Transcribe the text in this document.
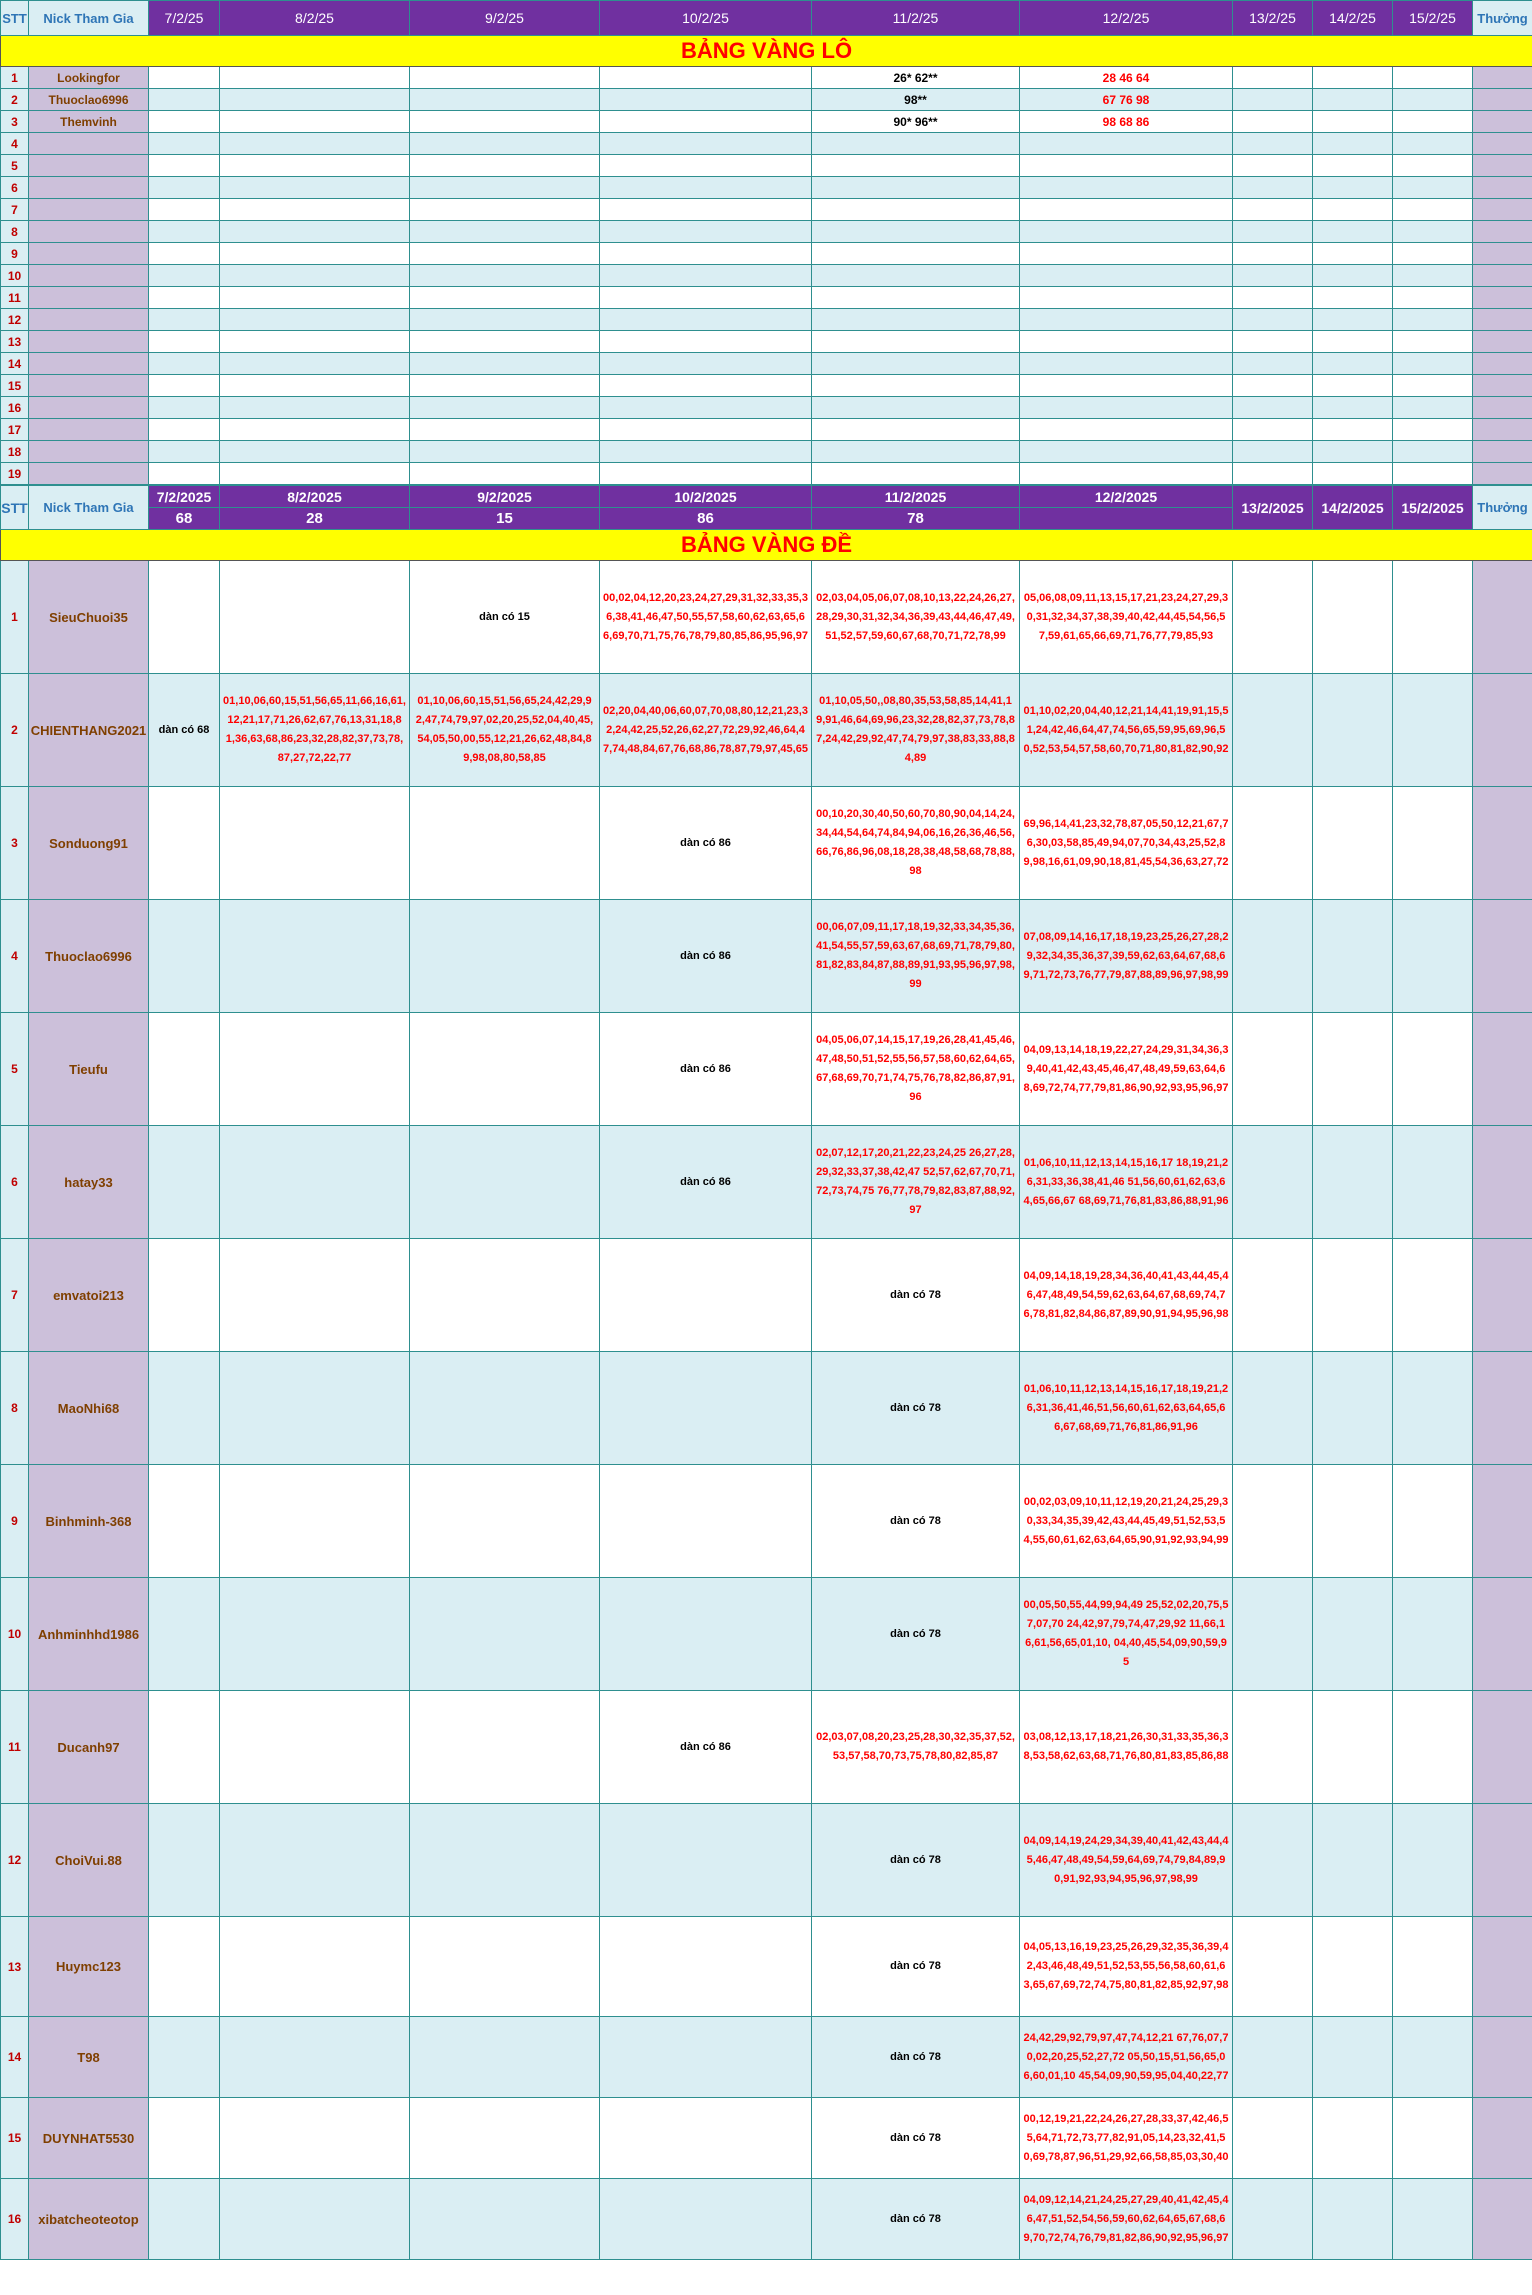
BẢNG VÀNG LÔ											
STT	Nick Tham Gia	7/2/25	8/2/25	9/2/25	10/2/25	11/2/25	12/2/25	13/2/25	14/2/25	15/2/25	Thưởng
1	Lookingfor					26* 62**	28 46 64				
2	Thuoclao6996					98**	67 76 98				
3	Themvinh					90* 96**	98 68 86				
4											
5											
6											
7											
8											
9											
10											
11											
12											
13											
14											
15											
16											
17											
18											
19											
BẢNG VÀNG ĐỀ											
STT	Nick Tham Gia	7/2/2025	8/2/2025	9/2/2025	10/2/2025	11/2/2025	12/2/2025	13/2/2025	14/2/2025	15/2/2025	Thưởng
		68	28	15	86	78					
1	SieuChuoi35			dàn có 15	00,02,04,12,20,23,24,27,29,31,32,33,35,36,38,41,46,47,50,55,57,58,60,62,63,65,66,69,70,71,75,76,78,79,80,85,86,95,96,97	02,03,04,05,06,07,08,10,13,22,24,26,27,28,29,30,31,32,34,36,39,43,44,46,47,49,51,52,57,59,60,67,68,70,71,72,78,99	05,06,08,09,11,13,15,17,21,23,24,27,29,30,31,32,34,37,38,39,40,42,44,45,54,56,57,59,61,65,66,69,71,76,77,79,85,93				
2	CHIENTHANG2021	dàn có 68	01,10,06,60,15,51,56,65,11,66,16,61,12,21,17,71,26,62,67,76,13,31,18,81,36,63,68,86,23,32,28,82,37,73,78,87,27,72,22,77	01,10,06,60,15,51,56,65,24,42,29,92,47,74,79,97,02,20,25,52,04,40,45,54,05,50,00,55,12,21,26,62,48,84,89,98,08,80,58,85	02,20,04,40,06,60,07,70,08,80,12,21,23,32,24,42,25,52,26,62,27,72,29,92,46,64,47,74,48,84,67,76,68,86,78,87,79,97,45,65	01,10,05,50,,08,80,35,53,58,85,14,41,19,91,46,64,69,96,23,32,28,82,37,73,78,87,24,42,29,92,47,74,79,97,38,83,33,88,84,89	01,10,02,20,04,40,12,21,14,41,19,91,15,51,24,42,46,64,47,74,56,65,59,95,69,96,50,52,53,54,57,58,60,70,71,80,81,82,90,92				
3	Sonduong91				dàn có 86	00,10,20,30,40,50,60,70,80,90,04,14,24,34,44,54,64,74,84,94,06,16,26,36,46,56,66,76,86,96,08,18,28,38,48,58,68,78,88,98	69,96,14,41,23,32,78,87,05,50,12,21,67,76,30,03,58,85,49,94,07,70,34,43,25,52,89,98,16,61,09,90,18,81,45,54,36,63,27,72				
4	Thuoclao6996				dàn có 86	00,06,07,09,11,17,18,19,32,33,34,35,36,41,54,55,57,59,63,67,68,69,71,78,79,80,81,82,83,84,87,88,89,91,93,95,96,97,98,99	07,08,09,14,16,17,18,19,23,25,26,27,28,29,32,34,35,36,37,39,59,62,63,64,67,68,69,71,72,73,76,77,79,87,88,89,96,97,98,99				
5	Tieufu				dàn có 86	04,05,06,07,14,15,17,19,26,28,41,45,46,47,48,50,51,52,55,56,57,58,60,62,64,65,67,68,69,70,71,74,75,76,78,82,86,87,91,96	04,09,13,14,18,19,22,27,24,29,31,34,36,39,40,41,42,43,45,46,47,48,49,59,63,64,68,69,72,74,77,79,81,86,90,92,93,95,96,97				
6	hatay33				dàn có 86	02,07,12,17,20,21,22,23,24,25 26,27,28,29,32,33,37,38,42,47 52,57,62,67,70,71,72,73,74,75 76,77,78,79,82,83,87,88,92,97	01,06,10,11,12,13,14,15,16,17 18,19,21,26,31,33,36,38,41,46 51,56,60,61,62,63,64,65,66,67 68,69,71,76,81,83,86,88,91,96				
7	emvatoi213					dàn có 78	04,09,14,18,19,28,34,36,40,41,43,44,45,46,47,48,49,54,59,62,63,64,67,68,69,74,76,78,81,82,84,86,87,89,90,91,94,95,96,98				
8	MaoNhi68					dàn có 78	01,06,10,11,12,13,14,15,16,17,18,19,21,26,31,36,41,46,51,56,60,61,62,63,64,65,66,67,68,69,71,76,81,86,91,96				
9	Binhminh-368					dàn có 78	00,02,03,09,10,11,12,19,20,21,24,25,29,30,33,34,35,39,42,43,44,45,49,51,52,53,54,55,60,61,62,63,64,65,90,91,92,93,94,99				
10	Anhminhhd1986					dàn có 78	00,05,50,55,44,99,94,49 25,52,02,20,75,57,07,70 24,42,97,79,74,47,29,92 11,66,16,61,56,65,01,10, 04,40,45,54,09,90,59,95				
11	Ducanh97				dàn có 86	02,03,07,08,20,23,25,28,30,32,35,37,52,53,57,58,70,73,75,78,80,82,85,87	03,08,12,13,17,18,21,26,30,31,33,35,36,38,53,58,62,63,68,71,76,80,81,83,85,86,88				
12	ChoiVui.88					dàn có 78	04,09,14,19,24,29,34,39,40,41,42,43,44,45,46,47,48,49,54,59,64,69,74,79,84,89,90,91,92,93,94,95,96,97,98,99				
13	Huymc123					dàn có 78	04,05,13,16,19,23,25,26,29,32,35,36,39,42,43,46,48,49,51,52,53,55,56,58,60,61,63,65,67,69,72,74,75,80,81,82,85,92,97,98				
14	T98					dàn có 78	24,42,29,92,79,97,47,74,12,21 67,76,07,70,02,20,25,52,27,72 05,50,15,51,56,65,06,60,01,10 45,54,09,90,59,95,04,40,22,77				
15	DUYNHAT5530					dàn có 78	00,12,19,21,22,24,26,27,28,33,37,42,46,55,64,71,72,73,77,82,91,05,14,23,32,41,50,69,78,87,96,51,29,92,66,58,85,03,30,40				
16	xibatcheoteotop					dàn có 78	04,09,12,14,21,24,25,27,29,40,41,42,45,46,47,51,52,54,56,59,60,62,64,65,67,68,69,70,72,74,76,79,81,82,86,90,92,95,96,97				
